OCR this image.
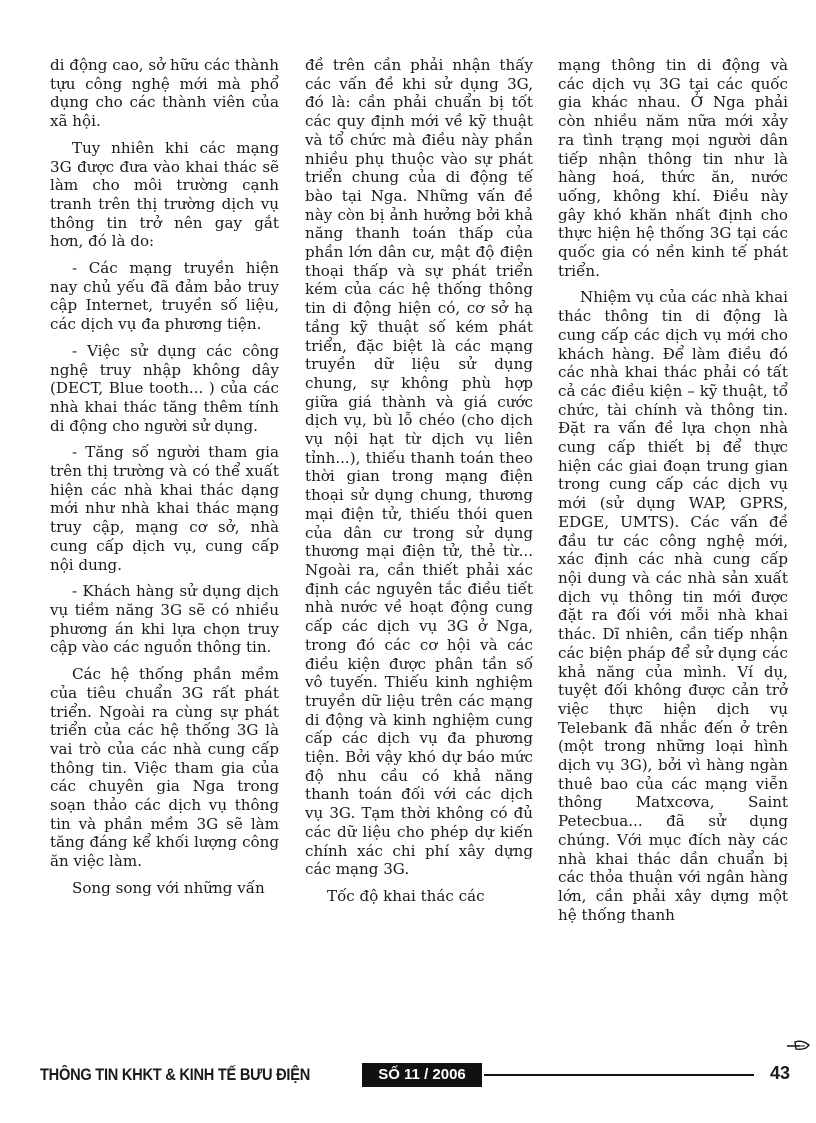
di động cao, sở hữu các thành tựu công nghệ mới mà phổ dụng cho các thành viên của xã hội.

Tuy nhiên khi các mạng 3G được đưa vào khai thác sẽ làm cho môi trường cạnh tranh trên thị trường dịch vụ thông tin trở nên gay gắt hơn, đó là do:

- Các mạng truyền hiện nay chủ yếu đã đảm bảo truy cập Internet, truyền số liệu, các dịch vụ đa phương tiện.

- Việc sử dụng các công nghệ truy nhập không dây (DECT, Blue tooth... ) của các nhà khai thác tăng thêm tính di động cho người sử dụng.

- Tăng số người tham gia trên thị trường và có thể xuất hiện các nhà khai thác dạng mới như nhà khai thác mạng truy cập, mạng cơ sở, nhà cung cấp dịch vụ, cung cấp nội dung.

- Khách hàng sử dụng dịch vụ tiềm năng 3G sẽ có nhiều phương án khi lựa chọn truy cập vào các nguồn thông tin.

Các hệ thống phần mềm của tiêu chuẩn 3G rất phát triển. Ngoài ra cùng sự phát triển của các hệ thống 3G là vai trò của các nhà cung cấp thông tin. Việc tham gia của các chuyên gia Nga trong soạn thảo các dịch vụ thông tin và phần mềm 3G sẽ làm tăng đáng kể khối lượng công ăn việc làm.

Song song với những vấn

đề trên cần phải nhận thấy các vấn đề khi sử dụng 3G, đó là: cần phải chuẩn bị tốt các quy định mới về kỹ thuật và tổ chức mà điều này phần nhiều phụ thuộc vào sự phát triển chung của di động tế bào tại Nga. Những vấn đề này còn bị ảnh hưởng bởi khả năng thanh toán thấp của phần lớn dân cư, mật độ điện thoại thấp và sự phát triển kém của các hệ thống thông tin di động hiện có, cơ sở hạ tầng kỹ thuật số kém phát triển, đặc biệt là các mạng truyền dữ liệu sử dụng chung, sự không phù hợp giữa giá thành và giá cước dịch vụ, bù lỗ chéo (cho dịch vụ nội hạt từ dịch vụ liên tỉnh...), thiếu thanh toán theo thời gian trong mạng điện thoại sử dụng chung, thương mại điện tử, thiếu thói quen của dân cư trong sử dụng thương mại điện tử, thẻ từ... Ngoài ra, cần thiết phải xác định các nguyên tắc điều tiết nhà nước về hoạt động cung cấp các dịch vụ 3G ở Nga, trong đó các cơ hội và các điều kiện được phân tần số vô tuyến. Thiếu kinh nghiệm truyền dữ liệu trên các mạng di động và kinh nghiệm cung cấp các dịch vụ đa phương tiện. Bởi vậy khó dự báo mức độ nhu cầu có khả năng thanh toán đối với các dịch vụ 3G. Tạm thời không có đủ các dữ liệu cho phép dự kiến chính xác chi phí xây dựng các mạng 3G.

Tốc độ khai thác các

mạng thông tin di động và các dịch vụ 3G tại các quốc gia khác nhau. Ở Nga phải còn nhiều năm nữa mới xảy ra tình trạng mọi người dân tiếp nhận thông tin như là hàng hoá, thức ăn, nước uống, không khí. Điều này gây khó khăn nhất định cho thực hiện hệ thống 3G tại các quốc gia có nền kinh tế phát triển.

Nhiệm vụ của các nhà khai thác thông tin di động là cung cấp các dịch vụ mới cho khách hàng. Để làm điều đó các nhà khai thác phải có tất cả các điều kiện – kỹ thuật, tổ chức, tài chính và thông tin. Đặt ra vấn đề lựa chọn nhà cung cấp thiết bị để thực hiện các giai đoạn trung gian trong cung cấp các dịch vụ mới (sử dụng WAP, GPRS, EDGE, UMTS). Các vấn đề đầu tư các công nghệ mới, xác định các nhà cung cấp nội dung và các nhà sản xuất dịch vụ thông tin mới được đặt ra đối với mỗi nhà khai thác. Dĩ nhiên, cần tiếp nhận các biện pháp để sử dụng các khả năng của mình. Ví dụ, tuyệt đối không được cản trở việc thực hiện dịch vụ Telebank đã nhắc đến ở trên (một trong những loại hình dịch vụ 3G), bởi vì hàng ngàn thuê bao của các mạng viễn thông Matxcơva, Saint Petecbua... đã sử dụng chúng. Với mục đích này các nhà khai thác dần chuẩn bị các thỏa thuận với ngân hàng lớn, cần phải xây dựng một hệ thống thanh

THÔNG TIN KHKT & KINH TẾ BƯU ĐIỆN	SỐ 11 / 2006	43
